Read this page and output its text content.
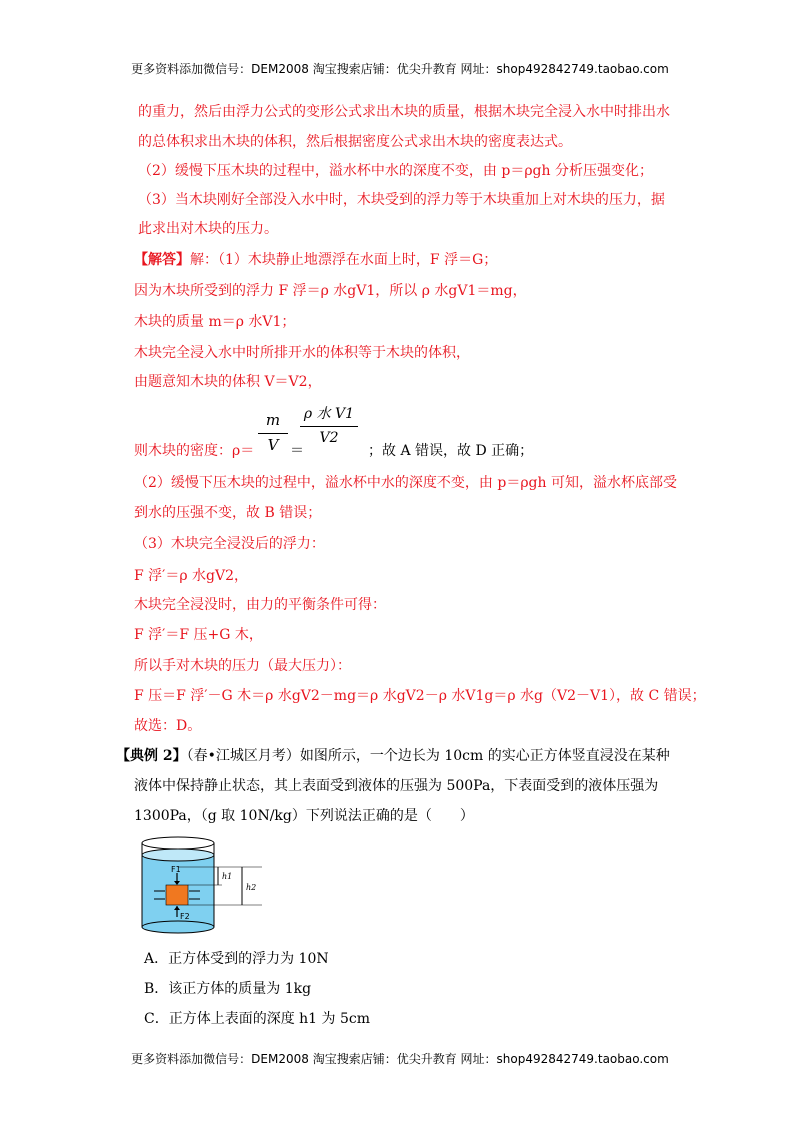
更多资料添加微信号：DEM2008 淘宝搜索店铺：优尖升教育 网址：shop492842749.taobao.com
的重力，然后由浮力公式的变形公式求出木块的质量，根据木块完全浸入水中时排出水
的总体积求出木块的体积，然后根据密度公式求出木块的密度表达式。
（2）缓慢下压木块的过程中，溢水杯中水的深度不变，由 p＝ρgh 分析压强变化；
（3）当木块刚好全部没入水中时，木块受到的浮力等于木块重加上对木块的压力，据
此求出对木块的压力。
【解答】解：（1）木块静止地漂浮在水面上时，F 浮＝G；
因为木块所受到的浮力 F 浮＝ρ 水gV1，所以 ρ 水gV1＝mg，
木块的质量 m＝ρ 水V1；
木块完全浸入水中时所排开水的体积等于木块的体积，
由题意知木块的体积 V＝V2，
则木块的密度：ρ＝
m
V ＝
ρ 水 V1
V2
；故 A 错误，故 D 正确；
（2）缓慢下压木块的过程中，溢水杯中水的深度不变，由 p＝ρgh 可知，溢水杯底部受
到水的压强不变，故 B 错误；
（3）木块完全浸没后的浮力：
F 浮′＝ρ 水gV2，
木块完全浸没时，由力的平衡条件可得：
F 浮′＝F 压+G 木，
所以手对木块的压力（最大压力）：
F 压＝F 浮′－G 木＝ρ 水gV2－mg＝ρ 水gV2－ρ 水V1g＝ρ 水g（V2－V1），故 C 错误；
故选：D。
【典例 2】（春•江城区月考）如图所示，一个边长为 10cm 的实心正方体竖直浸没在某种
液体中保持静止状态，其上表面受到液体的压强为 500Pa，下表面受到的液体压强为
1300Pa，（g 取 10N/kg）下列说法正确的是（　　）
F1
F2
h1
h2
A．正方体受到的浮力为 10N
B．该正方体的质量为 1kg
C．正方体上表面的深度 h1 为 5cm
更多资料添加微信号：DEM2008 淘宝搜索店铺：优尖升教育 网址：shop492842749.taobao.com
